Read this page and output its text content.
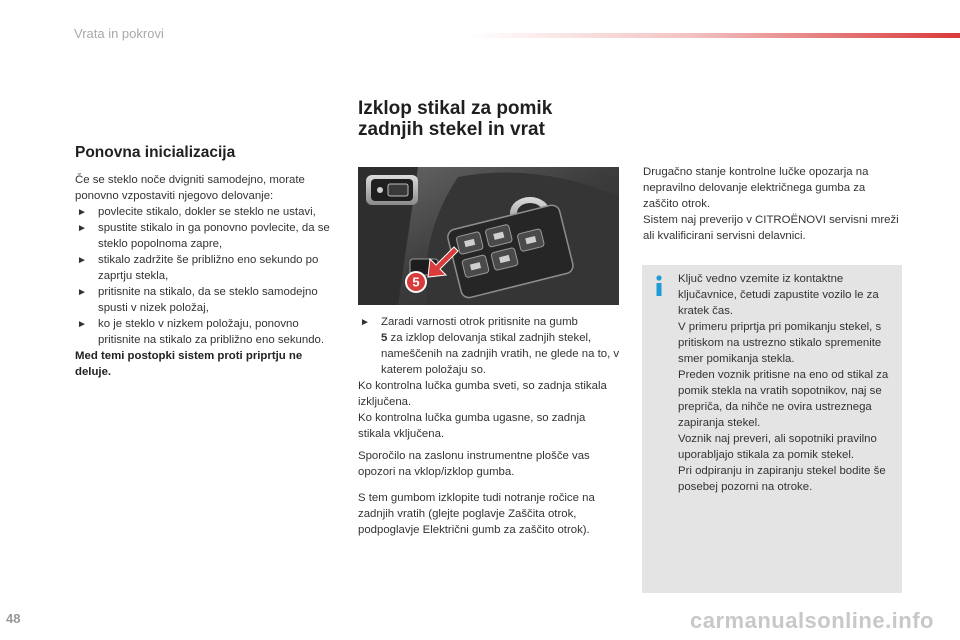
Vrata in pokrovi
Ponovna inicializacija
Če se steklo noče dvigniti samodejno, morate ponovno vzpostaviti njegovo delovanje:
► povlecite stikalo, dokler se steklo ne ustavi,
► spustite stikalo in ga ponovno povlecite, da se steklo popolnoma zapre,
► stikalo zadržite še približno eno sekundo po zaprtju stekla,
► pritisnite na stikalo, da se steklo samodejno spusti v nizek položaj,
► ko je steklo v nizkem položaju, ponovno pritisnite na stikalo za približno eno sekundo.
Med temi postopki sistem proti priprtju ne deluje.
Izklop stikal za pomik
zadnjih stekel in vrat
5
► Zaradi varnosti otrok pritisnite na gumb
5 za izklop delovanja stikal zadnjih stekel, nameščenih na zadnjih vratih, ne glede na to, v katerem položaju so.

Ko kontrolna lučka gumba sveti, so zadnja stikala izključena.

Ko kontrolna lučka gumba ugasne, so zadnja stikala vključena.

Sporočilo na zaslonu instrumentne plošče vas opozori na vklop/izklop gumba.

S tem gumbom izklopite tudi notranje ročice na zadnjih vratih (glejte poglavje Zaščita otrok, podpoglavje Električni gumb za zaščito otrok).

Drugačno stanje kontrolne lučke opozarja na nepravilno delovanje električnega gumba za zaščito otrok.
Sistem naj preverijo v CITROËNOVI servisni mreži ali kvalificirani servisni delavnici.
Ključ vedno vzemite iz kontaktne ključavnice, četudi zapustite vozilo le za kratek čas.
V primeru priprtja pri pomikanju stekel, s pritiskom na ustrezno stikalo spremenite smer pomikanja stekla.
Preden voznik pritisne na eno od stikal za pomik stekla na vratih sopotnikov, naj se prepriča, da nihče ne ovira ustreznega zapiranja stekel.
Voznik naj preveri, ali sopotniki pravilno uporabljajo stikala za pomik stekel.
Pri odpiranju in zapiranju stekel bodite še posebej pozorni na otroke.
48	carmanualsonline.info
